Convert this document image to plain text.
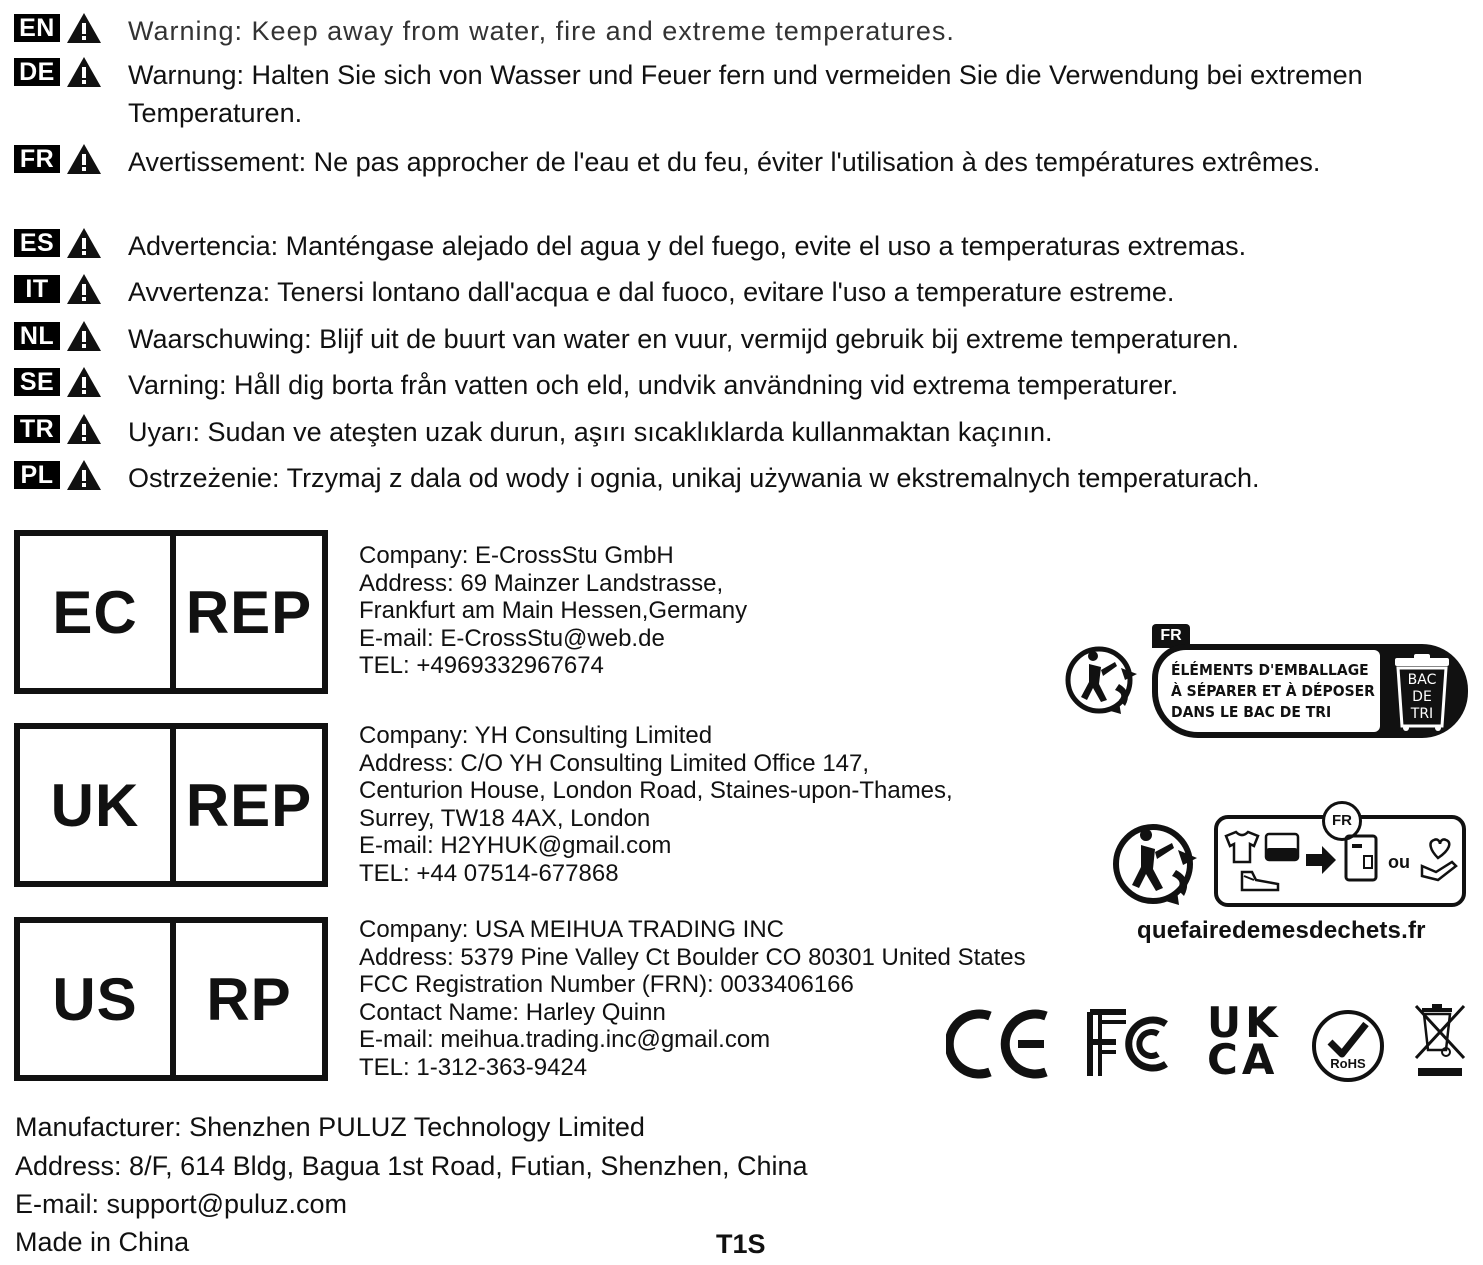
EN	Warning: Keep away from water, fire and extreme temperatures.
DE	Warnung: Halten Sie sich von Wasser und Feuer fern und vermeiden Sie die Verwendung bei extremen Temperaturen.
FR	Avertissement: Ne pas approcher de l'eau et du feu, éviter l'utilisation à des températures extrêmes.
ES	Advertencia: Manténgase alejado del agua y del fuego, evite el uso a temperaturas extremas.
IT	Avvertenza: Tenersi lontano dall'acqua e dal fuoco, evitare l'uso a temperature estreme.
NL	Waarschuwing: Blijf uit de buurt van water en vuur, vermijd gebruik bij extreme temperaturen.
SE	Varning: Håll dig borta från vatten och eld, undvik användning vid extrema temperaturer.
TR	Uyarı: Sudan ve ateşten uzak durun, aşırı sıcaklıklarda kullanmaktan kaçının.
PL	Ostrzeżenie: Trzymaj z dala od wody i ognia, unikaj używania w ekstremalnych temperaturach.
EC REP
Company: E-CrossStu GmbH
Address: 69 Mainzer Landstrasse,
Frankfurt am Main Hessen,Germany
E-mail: E-CrossStu@web.de
TEL: +4969332967674
UK REP
Company: YH Consulting Limited
Address: C/O YH Consulting Limited Office 147,
Centurion House, London Road, Staines-upon-Thames,
Surrey, TW18 4AX, London
E-mail: H2YHUK@gmail.com
TEL: +44 07514-677868
US	RP
Company: USA MEIHUA TRADING INC
Address: 5379 Pine Valley Ct Boulder CO 80301 United States
FCC Registration Number (FRN): 0033406166
Contact Name: Harley Quinn
E-mail: meihua.trading.inc@gmail.com
TEL: 1-312-363-9424
FR
ÉLÉMENTS D'EMBALLAGE
À SÉPARER ET À DÉPOSER
DANS LE BAC DE TRI
BAC
DE
TRI
FR
ou
quefairedemesdechets.fr
CE	FC	UK
CA	RoHS
Manufacturer: Shenzhen PULUZ Technology Limited
Address: 8/F, 614 Bldg, Bagua 1st Road, Futian, Shenzhen, China
E-mail: support@puluz.com
Made in China	T1S
